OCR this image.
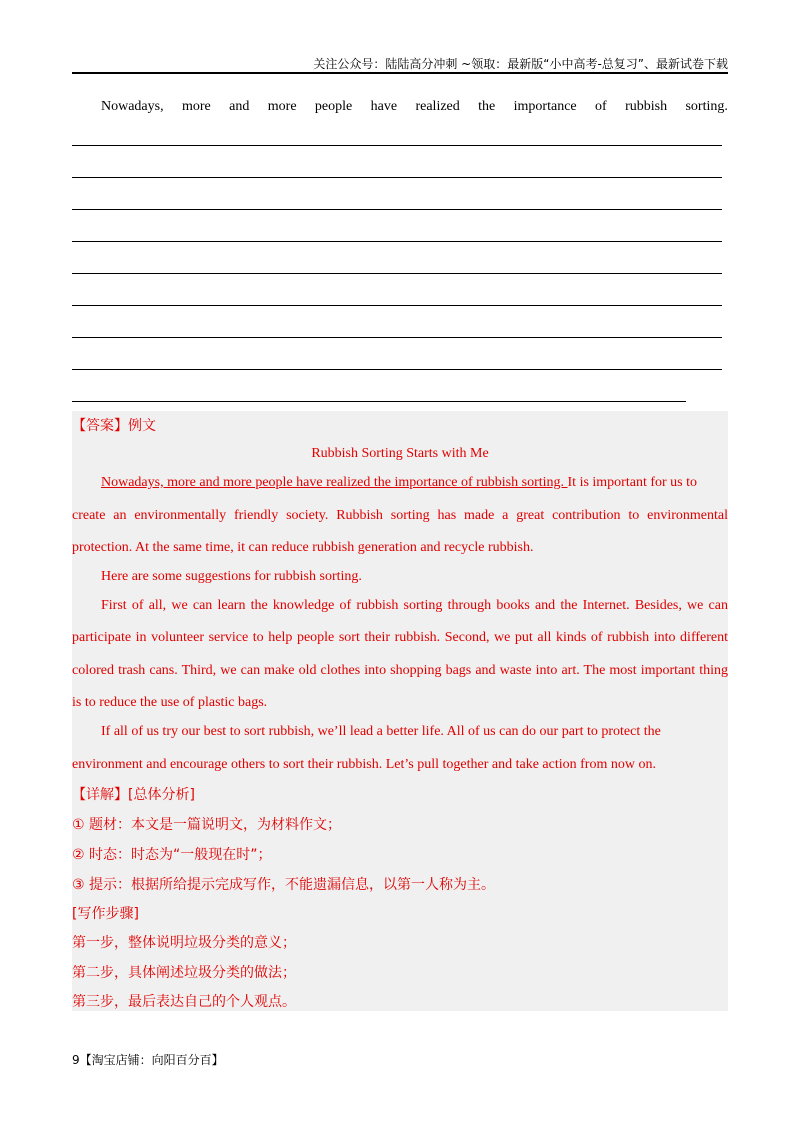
关注公众号：陆陆高分冲刺 ~领取：最新版“小中高考-总复习”、最新试卷下载
Nowadays, more and more people have realized the importance of rubbish sorting.
【答案】例文
Rubbish Sorting Starts with Me
Nowadays, more and more people have realized the importance of rubbish sorting. It is important for us to
create an environmentally friendly society. Rubbish sorting has made a great contribution to environmental
protection. At the same time, it can reduce rubbish generation and recycle rubbish.
Here are some suggestions for rubbish sorting.
First of all, we can learn the knowledge of rubbish sorting through books and the Internet. Besides, we can
participate in volunteer service to help people sort their rubbish. Second, we put all kinds of rubbish into different
colored trash cans. Third, we can make old clothes into shopping bags and waste into art. The most important thing
is to reduce the use of plastic bags.
If all of us try our best to sort rubbish, we’ll lead a better life. All of us can do our part to protect the
environment and encourage others to sort their rubbish. Let’s pull together and take action from now on.
【详解】[总体分析]
① 题材：本文是一篇说明文，为材料作文；
② 时态：时态为“一般现在时”；
③ 提示：根据所给提示完成写作，不能遗漏信息，以第一人称为主。
[写作步骤]
第一步，整体说明垃圾分类的意义；
第二步，具体阐述垃圾分类的做法；
第三步，最后表达自己的个人观点。
9【淘宝店铺：向阳百分百】
